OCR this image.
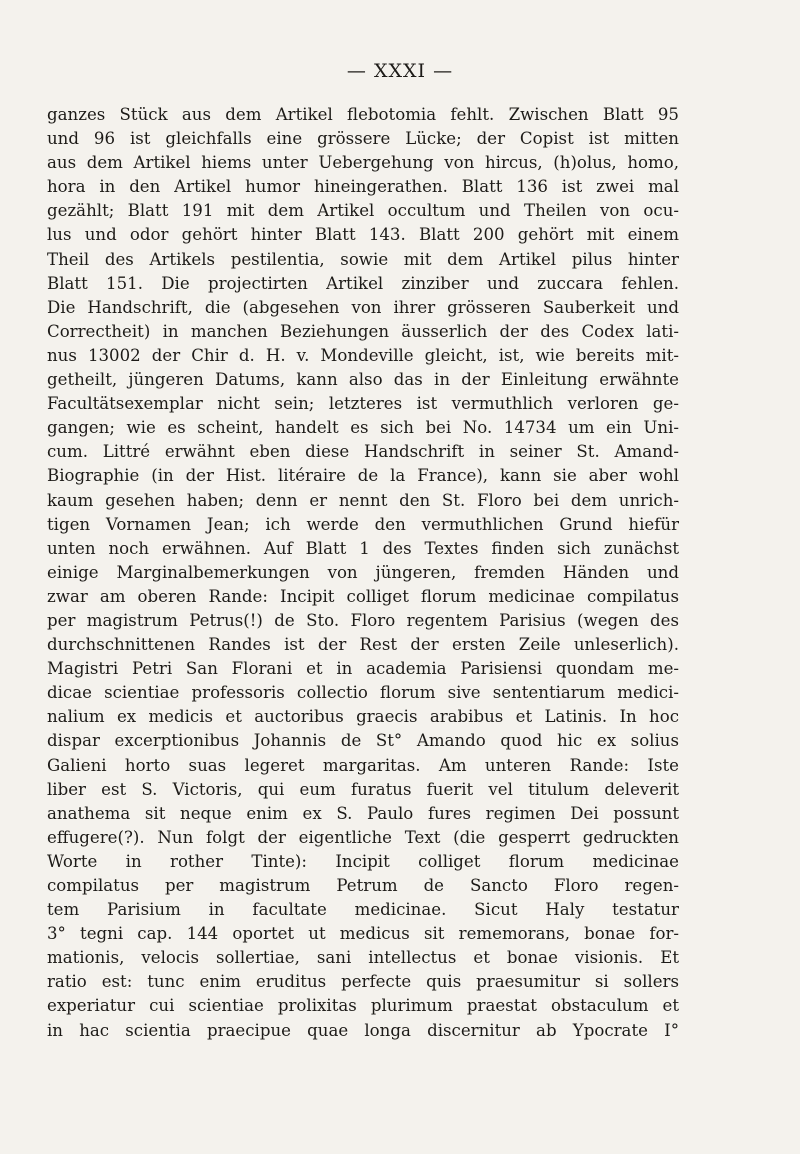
— XXXI —
ganzes Stück aus dem Artikel flebotomia fehlt. Zwischen Blatt 95
und 96 ist gleichfalls eine grössere Lücke; der Copist ist mitten
aus dem Artikel hiems unter Uebergehung von hircus, (h)olus, homo,
hora in den Artikel humor hineingerathen. Blatt 136 ist zwei mal
gezählt; Blatt 191 mit dem Artikel occultum und Theilen von ocu-
lus und odor gehört hinter Blatt 143. Blatt 200 gehört mit einem
Theil des Artikels pestilentia, sowie mit dem Artikel pilus hinter
Blatt 151. Die projectirten Artikel zinziber und zuccara fehlen.
Die Handschrift, die (abgesehen von ihrer grösseren Sauberkeit und
Correctheit) in manchen Beziehungen äusserlich der des Codex lati-
nus 13002 der Chir d. H. v. Mondeville gleicht, ist, wie bereits mit-
getheilt, jüngeren Datums, kann also das in der Einleitung erwähnte
Facultätsexemplar nicht sein; letzteres ist vermuthlich verloren ge-
gangen; wie es scheint, handelt es sich bei No. 14734 um ein Uni-
cum. Littré erwähnt eben diese Handschrift in seiner St. Amand-
Biographie (in der Hist. litéraire de la France), kann sie aber wohl
kaum gesehen haben; denn er nennt den St. Floro bei dem unrich-
tigen Vornamen Jean; ich werde den vermuthlichen Grund hiefür
unten noch erwähnen. Auf Blatt 1 des Textes finden sich zunächst
einige Marginalbemerkungen von jüngeren, fremden Händen und
zwar am oberen Rande: Incipit colliget florum medicinae compilatus
per magistrum Petrus(!) de Sto. Floro regentem Parisius (wegen des
durchschnittenen Randes ist der Rest der ersten Zeile unleserlich).
Magistri Petri San Florani et in academia Parisiensi quondam me-
dicae scientiae professoris collectio florum sive sententiarum medici-
nalium ex medicis et auctoribus graecis arabibus et Latinis. In hoc
dispar excerptionibus Johannis de St° Amando quod hic ex solius
Galieni horto suas legeret margaritas. Am unteren Rande: Iste
liber est S. Victoris, qui eum furatus fuerit vel titulum deleverit
anathema sit neque enim ex S. Paulo fures regimen Dei possunt
effugere(?). Nun folgt der eigentliche Text (die gesperrt gedruckten
Worte in rother Tinte): Incipit colliget florum medicinae
compilatus per magistrum Petrum de Sancto Floro regen-
tem Parisium in facultate medicinae. Sicut Haly testatur
3° tegni cap. 144 oportet ut medicus sit rememorans, bonae for-
mationis, velocis sollertiae, sani intellectus et bonae visionis. Et
ratio est: tunc enim eruditus perfecte quis praesumitur si sollers
experiatur cui scientiae prolixitas plurimum praestat obstaculum et
in hac scientia praecipue quae longa discernitur ab Ypocrate I°
